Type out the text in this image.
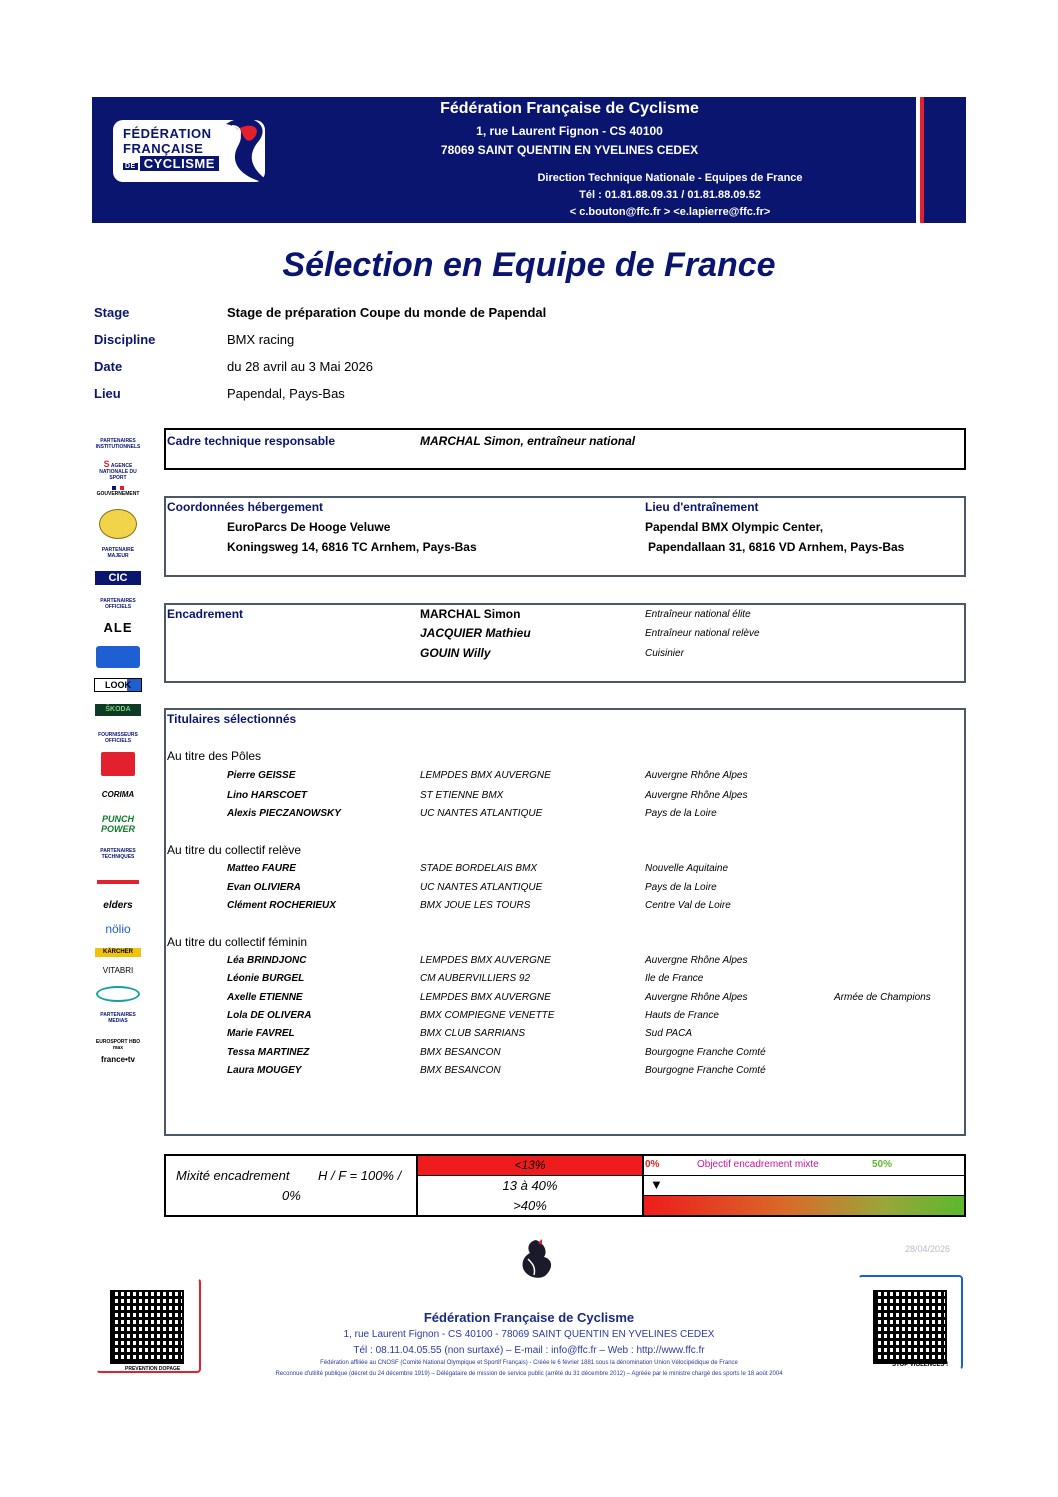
FÉDÉRATION
FRANÇAISE
DE CYCLISME
Fédération Française de Cyclisme
1, rue Laurent Fignon - CS 40100
78069 SAINT QUENTIN EN YVELINES CEDEX
Direction Technique Nationale - Equipes de France
Tél : 01.81.88.09.31 / 01.81.88.09.52
< c.bouton@ffc.fr > <e.lapierre@ffc.fr>
Sélection en Equipe de France
Stage	Stage de préparation Coupe du monde de Papendal
Discipline	BMX racing
Date	du 28 avril au 3 Mai 2026
Lieu	Papendal, Pays-Bas
Cadre technique responsable	MARCHAL Simon, entraîneur national
Coordonnées hébergement
EuroParcs De Hooge Veluwe
Koningsweg 14, 6816 TC Arnhem, Pays-Bas
Lieu d'entraînement
Papendal BMX Olympic Center,
Papendallaan 31, 6816 VD Arnhem, Pays-Bas
Encadrement	MARCHAL Simon	Entraîneur national élite
JACQUIER Mathieu	Entraîneur national relève
GOUIN Willy	Cuisinier
Titulaires sélectionnés
Au titre des Pôles
Pierre GEISSE	LEMPDES BMX AUVERGNE	Auvergne Rhône Alpes
Lino HARSCOET	ST ETIENNE BMX	Auvergne Rhône Alpes
Alexis PIECZANOWSKY	UC NANTES ATLANTIQUE	Pays de la Loire
Au titre du collectif relève
Matteo FAURE	STADE BORDELAIS BMX	Nouvelle Aquitaine
Evan OLIVIERA	UC NANTES ATLANTIQUE	Pays de la Loire
Clément ROCHERIEUX	BMX JOUE LES TOURS	Centre Val de Loire
Au titre du collectif féminin
Léa BRINDJONC	LEMPDES BMX AUVERGNE	Auvergne Rhône Alpes
Léonie BURGEL	CM AUBERVILLIERS 92	Ile de France
Axelle ETIENNE	LEMPDES BMX AUVERGNE	Auvergne Rhône Alpes	Armée de Champions
Lola DE OLIVERA	BMX COMPIEGNE VENETTE	Hauts de France
Marie FAVREL	BMX CLUB SARRIANS	Sud PACA
Tessa MARTINEZ	BMX BESANCON	Bourgogne Franche Comté
Laura MOUGEY	BMX BESANCON	Bourgogne Franche Comté
Mixité encadrement H / F = 100% /
0%
<13%
13 à 40%
>40%
0%	Objectif encadrement mixte	50%
▼
PARTENAIRES INSTITUTIONNELS
S AGENCE NATIONALE DU SPORT
GOUVERNEMENT
PARTENAIRE MAJEUR
CIC
PARTENAIRES OFFICIELS
ALE
LOOK
ŠKODA
FOURNISSEURS OFFICIELS
CORIMA
PUNCH POWER
PARTENAIRES TECHNIQUES
elders
nölio
KÄRCHER
VITABRI
PARTENAIRES MEDIAS
EUROSPORT HBO max
france•tv
28/04/2026
PREVENTION DOPAGE
STOP VIOLENCES !
Fédération Française de Cyclisme
1, rue Laurent Fignon - CS 40100 - 78069 SAINT QUENTIN EN YVELINES CEDEX
Tél : 08.11.04.05.55 (non surtaxé) – E-mail : info@ffc.fr – Web : http://www.ffc.fr
Fédération affiliée au CNOSF (Comité National Olympique et Sportif Français) - Créée le 6 février 1881 sous la dénomination Union Vélocipédique de France
Reconnue d'utilité publique (décret du 24 décembre 1919) – Délégataire de mission de service public (arrêté du 31 décembre 2012) – Agréée par le ministre chargé des sports le 18 août 2004
